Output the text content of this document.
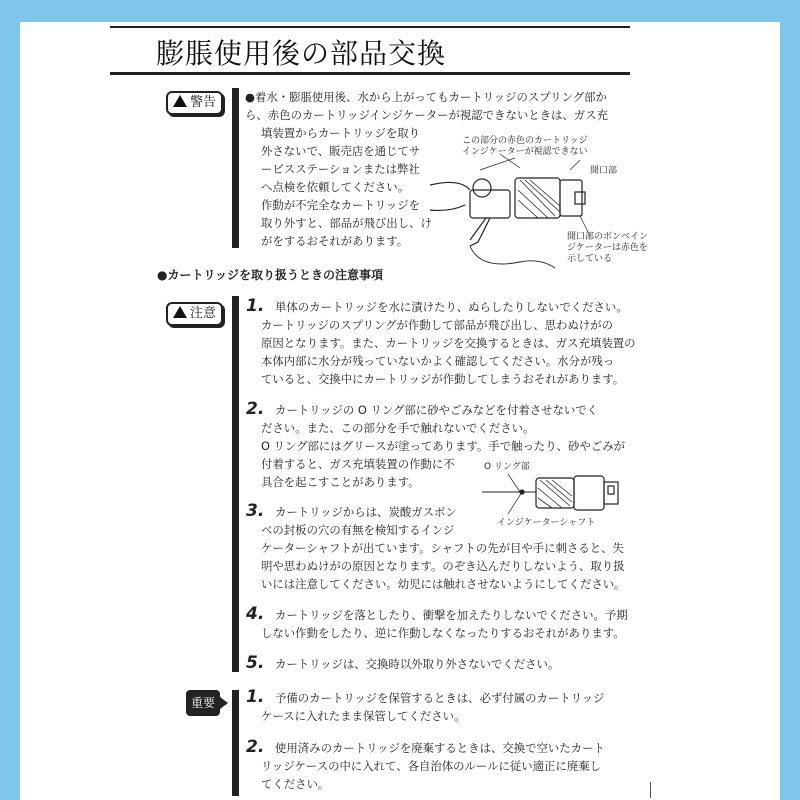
膨脹使用後の部品交換
警告	●着水・膨脹使用後、水から上がってもカートリッジのスプリング部か
ら、赤色のカートリッジインジケーターが視認できないときは、ガス充
填装置からカートリッジを取り
外さないで、販売店を通じてサ
ービスステーションまたは弊社
へ点検を依頼してください。
作動が不完全なカートリッジを
取り外すと、部品が飛び出し、け
がをするおそれがあります。
この部分の赤色のカートリッジ
インジケーターが視認できない
開口部
開口部のボンベイン
ジケーターは赤色を
示している
●カートリッジを取り扱うときの注意事項
注意	1. 単体のカートリッジを水に漬けたり、ぬらしたりしないでください。
カートリッジのスプリングが作動して部品が飛び出し、思わぬけがの
原因となります。また、カートリッジを交換するときは、ガス充填装置の
本体内部に水分が残っていないかよく確認してください。水分が残っ
ていると、交換中にカートリッジが作動してしまうおそれがあります。
2. カートリッジの O リング部に砂やごみなどを付着させないでく
ださい。また、この部分を手で触れないでください。
O リング部にはグリースが塗ってあります。手で触ったり、砂やごみが
付着すると、ガス充填装置の作動に不
具合を起こすことがあります。
O リング部
インジケーターシャフト
3. カートリッジからは、炭酸ガスボン
ベの封板の穴の有無を検知するインジ
ケーターシャフトが出ています。シャフトの先が目や手に刺さると、失
明や思わぬけがの原因となります。のぞき込んだりしないよう、取り扱
いには注意してください。幼児には触れさせないようにしてください。
4. カートリッジを落としたり、衝撃を加えたりしないでください。予期
しない作動をしたり、逆に作動しなくなったりするおそれがあります。
5. カートリッジは、交換時以外取り外さないでください。
重要 1. 予備のカートリッジを保管するときは、必ず付属のカートリッジ
ケースに入れたまま保管してください。
2. 使用済みのカートリッジを廃棄するときは、交換で空いたカート
リッジケースの中に入れて、各自治体のルールに従い適正に廃棄し
てください。
